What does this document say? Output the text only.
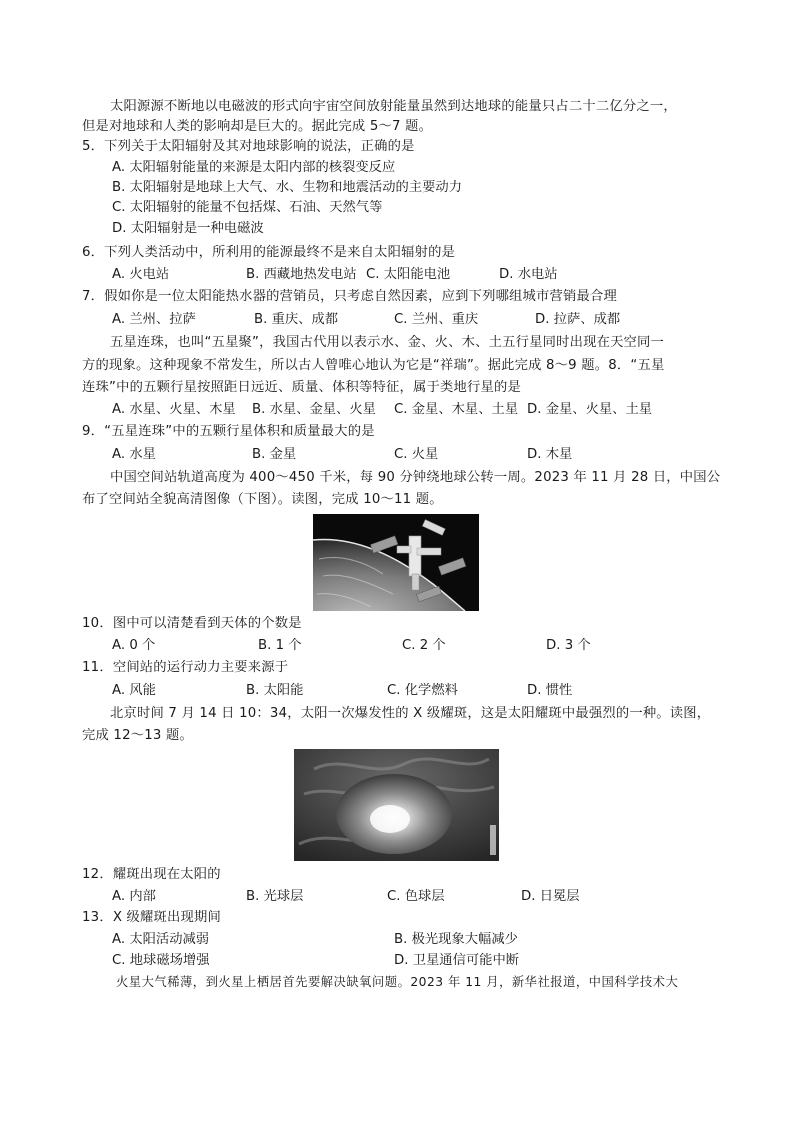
太阳源源不断地以电磁波的形式向宇宙空间放射能量虽然到达地球的能量只占二十二亿分之一，
但是对地球和人类的影响却是巨大的。据此完成 5～7 题。
5．下列关于太阳辐射及其对地球影响的说法，正确的是
A. 太阳辐射能量的来源是太阳内部的核裂变反应
B. 太阳辐射是地球上大气、水、生物和地震活动的主要动力
C. 太阳辐射的能量不包括煤、石油、天然气等
D. 太阳辐射是一种电磁波
6．下列人类活动中，所利用的能源最终不是来自太阳辐射的是
A. 火电站	B. 西藏地热发电站 C. 太阳能电池	D. 水电站
7．假如你是一位太阳能热水器的营销员，只考虑自然因素，应到下列哪组城市营销最合理
A. 兰州、拉萨	B. 重庆、成都	C. 兰州、重庆	D. 拉萨、成都
五星连珠，也叫“五星聚”，我国古代用以表示水、金、火、木、土五行星同时出现在天空同一
方的现象。这种现象不常发生，所以古人曾唯心地认为它是“祥瑞”。据此完成 8～9 题。8．“五星
连珠”中的五颗行星按照距日远近、质量、体积等特征，属于类地行星的是
A. 水星、火星、木星 B. 水星、金星、火星 C. 金星、木星、土星 D. 金星、火星、土星
9．“五星连珠”中的五颗行星体积和质量最大的是
A. 水星	B. 金星	C. 火星	D. 木星
中国空间站轨道高度为 400～450 千米，每 90 分钟绕地球公转一周。2023 年 11 月 28 日，中国公
布了空间站全貌高清图像（下图）。读图，完成 10～11 题。
10．图中可以清楚看到天体的个数是
A. 0 个	B. 1 个	C. 2 个	D. 3 个
11．空间站的运行动力主要来源于
A. 风能	B. 太阳能	C. 化学燃料	D. 惯性
北京时间 7 月 14 日 10：34，太阳一次爆发性的 X 级耀斑，这是太阳耀斑中最强烈的一种。读图，
完成 12～13 题。
12．耀斑出现在太阳的
A. 内部	B. 光球层	C. 色球层	D. 日冕层
13．X 级耀斑出现期间
A. 太阳活动减弱	B. 极光现象大幅减少
C. 地球磁场增强	D. 卫星通信可能中断
火星大气稀薄，到火星上栖居首先要解决缺氧问题。2023 年 11 月，新华社报道，中国科学技术大
